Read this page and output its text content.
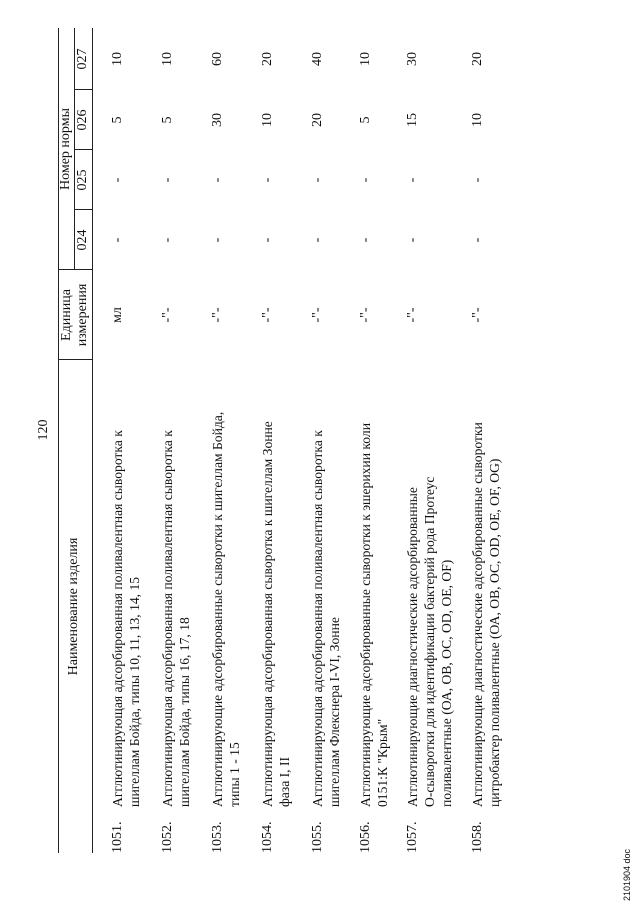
120
Наименование изделия
Единица измерения
Номер нормы
024
025
026
027
1051.
Агглютинирующая адсорбированная поливалентная сыворотка к шигеллам Бойда, типы 10, 11, 13, 14, 15
мл
-
-
5
10
1052.
Агглютинирующая адсорбированная поливалентная сыворотка к шигеллам Бойда, типы 16, 17, 18
-"-
-
-
5
10
1053.
Агглютинирующие адсорбированные сыворотки к шигеллам Бойда, типы 1 - 15
-"-
-
-
30
60
1054.
Агглютинирующая адсорбированная сыворотка к шигеллам Зонне фаза I, II
-"-
-
-
10
20
1055.
Агглютинирующая адсорбированная поливалентная сыворотка к шигеллам Флекснера I-VI, Зонне
-"-
-
-
20
40
1056.
Агглютинирующие адсорбированные сыворотки к эшерихии коли 0151:К "Крым"
-"-
-
-
5
10
1057.
Агглютинирующие диагностические адсорбированные О-сыворотки для идентификации бактерий рода Протеус поливалентные (ОА, ОВ, ОС, OD, ОЕ, OF)
-"-
-
-
15
30
1058.
Агглютинирующие диагностические адсорбированные сыворотки цитробактер поливалентные (ОА, ОВ, ОС, OD, ОЕ, OF, OG)
-"-
-
-
10
20
2101904 doc
